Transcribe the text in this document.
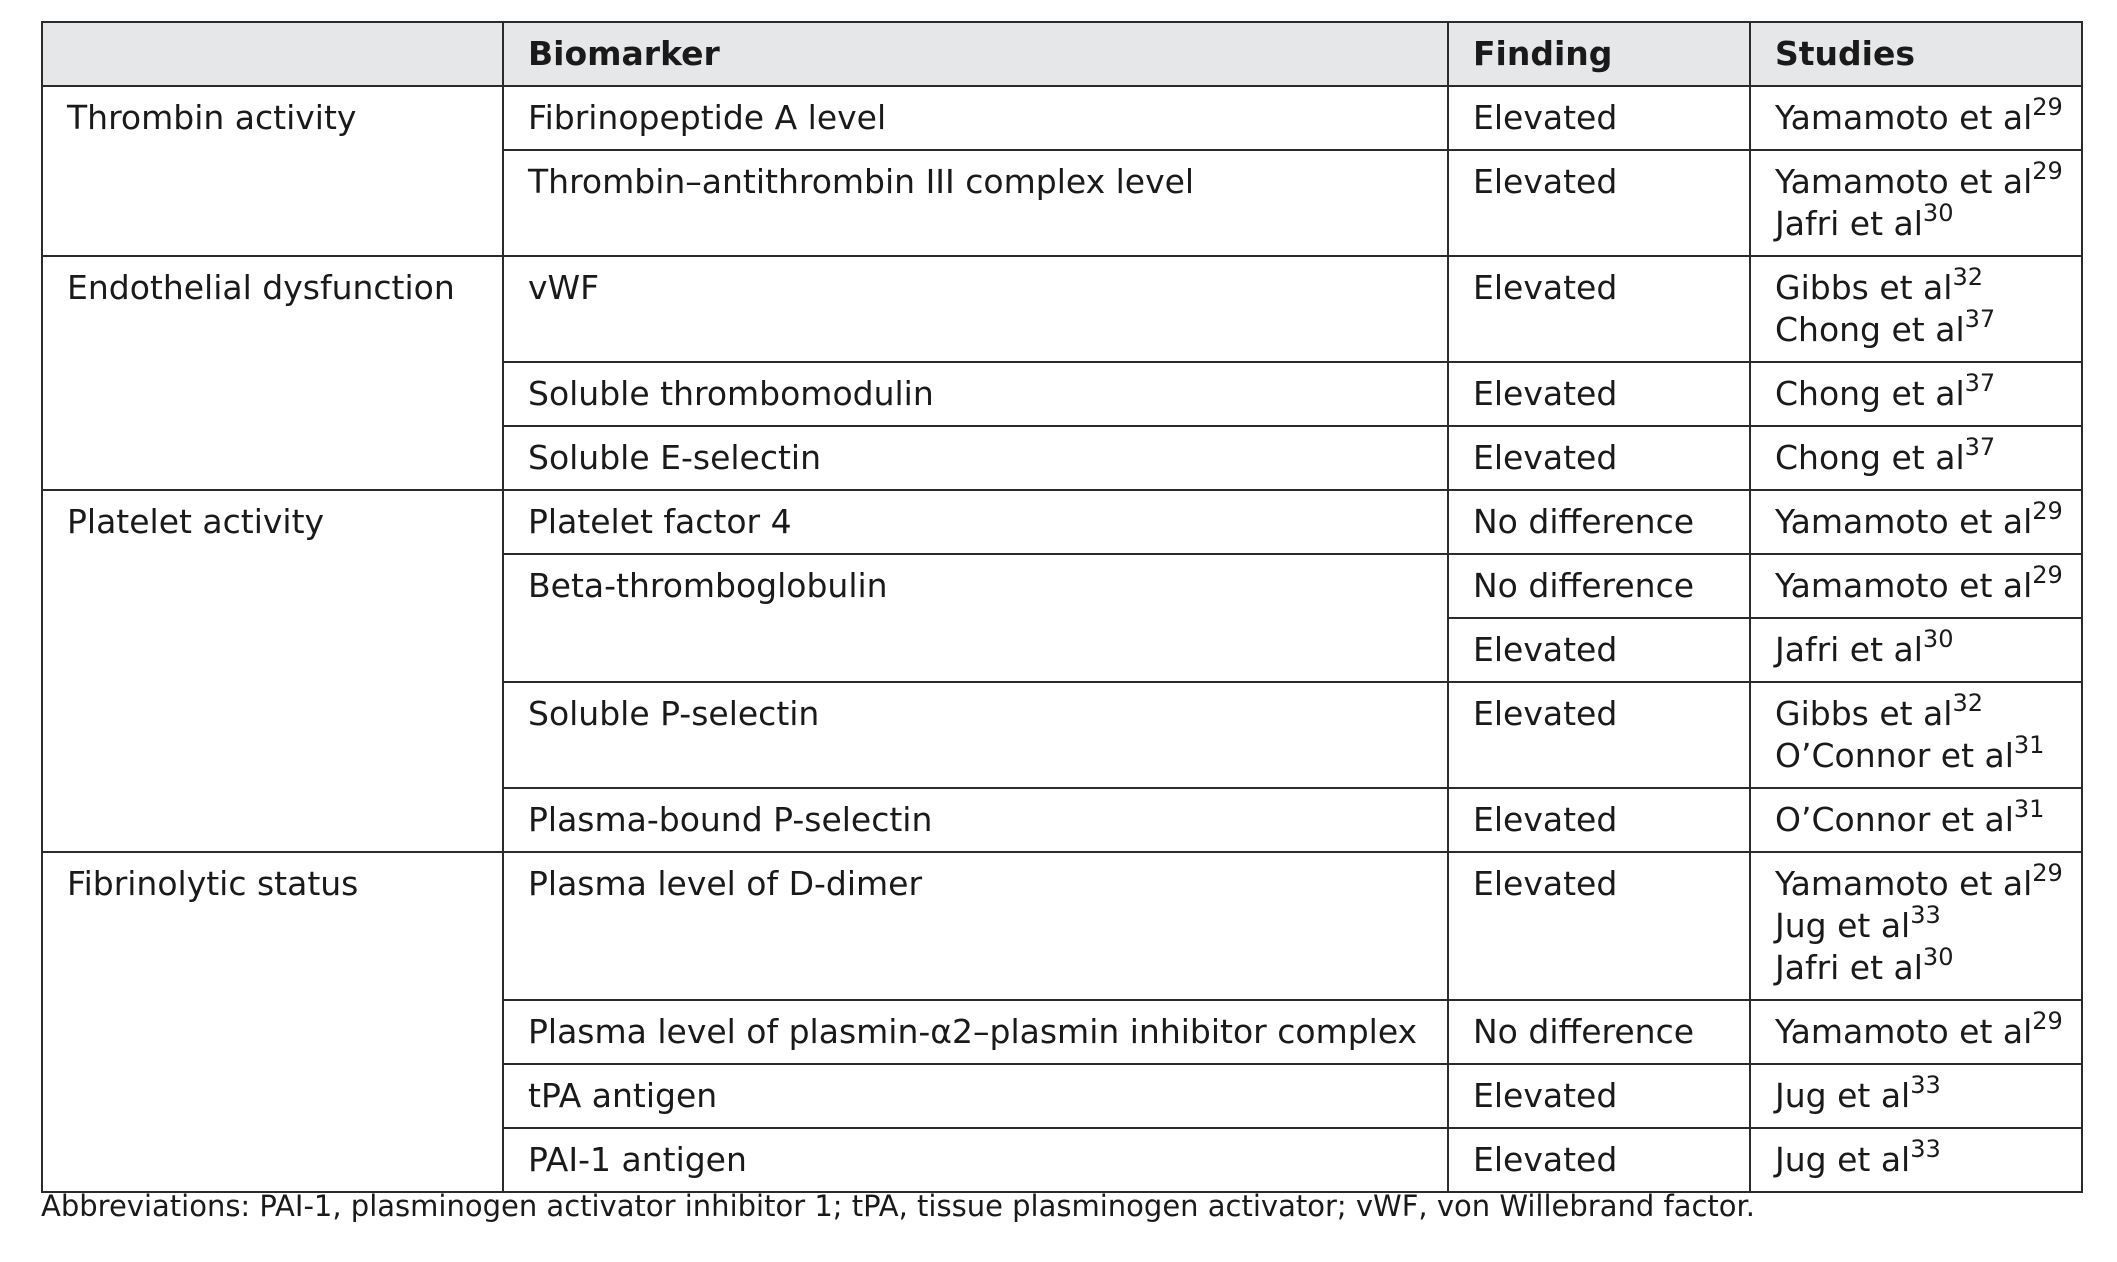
	Biomarker	Finding	Studies
Thrombin activity	Fibrinopeptide A level	Elevated	Yamamoto et $al^{29}$

	Thrombin–antithrombin III complex level	Elevated	Yamamoto et $al^{29}$
Jafri et $al^{30}$

Endothelial dysfunction	vWF	Elevated	Gibbs et $al^{32}$
Chong et $al^{37}$

	Soluble thrombomodulin	Elevated	Chong et $al^{37}$

	Soluble E-selectin	Elevated	Chong et $al^{37}$

Platelet activity	Platelet factor 4	No difference	Yamamoto et $al^{29}$

	Beta-thromboglobulin	No difference	Yamamoto et $al^{29}$

		Elevated	Jafri et $al^{30}$

	Soluble P-selectin	Elevated	Gibbs et $al^{32}$
O’Connor et $al^{31}$

	Plasma-bound P-selectin	Elevated	O’Connor et $al^{31}$

Fibrinolytic status	Plasma level of D-dimer	Elevated	Yamamoto et $al^{29}$
Jug et $al^{33}$
Jafri et $al^{30}$

	Plasma level of plasmin-α2–plasmin inhibitor complex	No difference	Yamamoto et $al^{29}$

	tPA antigen	Elevated	Jug et $al^{33}$

	PAI-1 antigen	Elevated	Jug et $al^{33}$
Abbreviations: PAI-1, plasminogen activator inhibitor 1; tPA, tissue plasminogen activator; vWF, von Willebrand factor.
